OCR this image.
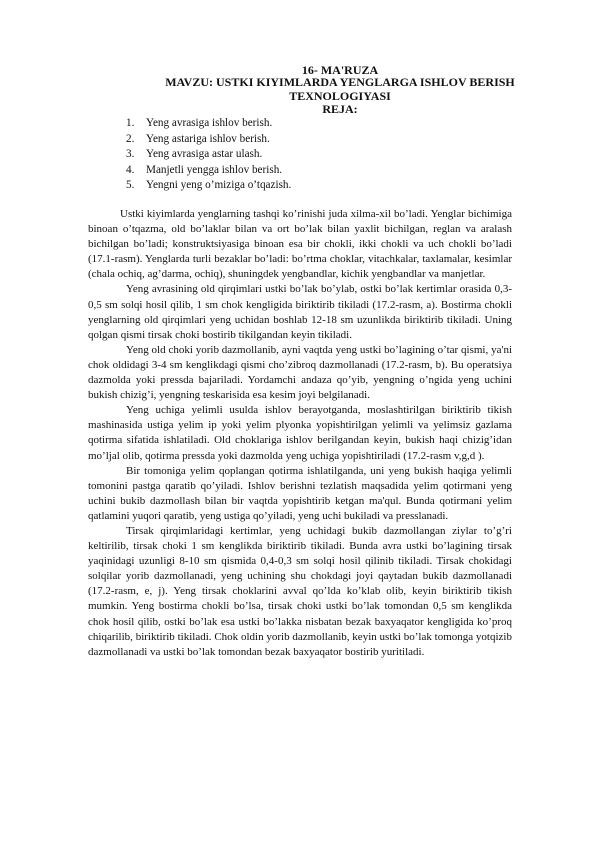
16- MA'RUZA
MAVZU: USTKI KIYIMLARDA YENGLARGA ISHLOV BERISH
TEXNOLOGIYASI
REJA:
1. Yeng avrasiga ishlov berish.
2. Yeng astariga ishlov berish.
3. Yeng avrasiga astar ulash.
4. Manjetli yengga ishlov berish.
5. Yengni yeng o’miziga o’tqazish.

Ustki kiyimlarda yenglarning tashqi ko’rinishi juda xilma-xil bo’ladi. Yenglar bichimiga binoan o’tqazma, old bo’laklar bilan va ort bo’lak bilan yaxlit bichilgan, reglan va aralash bichilgan bo’ladi; konstruktsiyasiga binoan esa bir chokli, ikki chokli va uch chokli bo’ladi (17.1-rasm). Yenglarda turli bezaklar bo’ladi: bo’rtma choklar, vitachkalar, taxlamalar, kesimlar (chala ochiq, ag’darma, ochiq), shuningdek yengbandlar, kichik yengbandlar va manjetlar.

Yeng avrasining old qirqimlari ustki bo’lak bo’ylab, ostki bo’lak kertimlar orasida 0,3-0,5 sm solqi hosil qilib, 1 sm chok kengligida biriktirib tikiladi (17.2-rasm, a). Bostirma chokli yenglarning old qirqimlari yeng uchidan boshlab 12-18 sm uzunlikda biriktirib tikiladi. Uning qolgan qismi tirsak choki bostirib tikilgandan keyin tikiladi.

Yeng old choki yorib dazmollanib, ayni vaqtda yeng ustki bo’lagining o’tar qismi, ya'ni chok oldidagi 3-4 sm kenglikdagi qismi cho’zibroq dazmollanadi (17.2-rasm, b). Bu operatsiya dazmolda yoki pressda bajariladi. Yordamchi andaza qo’yib, yengning o’ngida yeng uchini bukish chizig’i, yengning teskarisida esa kesim joyi belgilanadi.

Yeng uchiga yelimli usulda ishlov berayotganda, moslashtirilgan biriktirib tikish mashinasida ustiga yelim ip yoki yelim plyonka yopishtirilgan yelimli va yelimsiz gazlama qotirma sifatida ishlatiladi. Old choklariga ishlov berilgandan keyin, bukish haqi chizig’idan mo’ljal olib, qotirma pressda yoki dazmolda yeng uchiga yopishtiriladi (17.2-rasm v,g,d ).

Bir tomoniga yelim qoplangan qotirma ishlatilganda, uni yeng bukish haqiga yelimli tomonini pastga qaratib qo’yiladi. Ishlov berishni tezlatish maqsadida yelim qotirmani yeng uchini bukib dazmollash bilan bir vaqtda yopishtirib ketgan ma'qul. Bunda qotirmani yelim qatlamini yuqori qaratib, yeng ustiga qo’yiladi, yeng uchi bukiladi va presslanadi.

Tirsak qirqimlaridagi kertimlar, yeng uchidagi bukib dazmollangan ziylar to’g’ri keltirilib, tirsak choki 1 sm kenglikda biriktirib tikiladi. Bunda avra ustki bo’lagining tirsak yaqinidagi uzunligi 8-10 sm qismida 0,4-0,3 sm solqi hosil qilinib tikiladi. Tirsak chokidagi solqilar yorib dazmollanadi, yeng uchining shu chokdagi joyi qaytadan bukib dazmollanadi (17.2-rasm, e, j). Yeng tirsak choklarini avval qo’lda ko’klab olib, keyin biriktirib tikish mumkin. Yeng bostirma chokli bo’lsa, tirsak choki ustki bo’lak tomondan 0,5 sm kenglikda chok hosil qilib, ostki bo’lak esa ustki bo’lakka nisbatan bezak baxyaqator kengligida ko’proq chiqarilib, biriktirib tikiladi. Chok oldin yorib dazmollanib, keyin ustki bo’lak tomonga yotqizib dazmollanadi va ustki bo’lak tomondan bezak baxyaqator bostirib yuritiladi.
